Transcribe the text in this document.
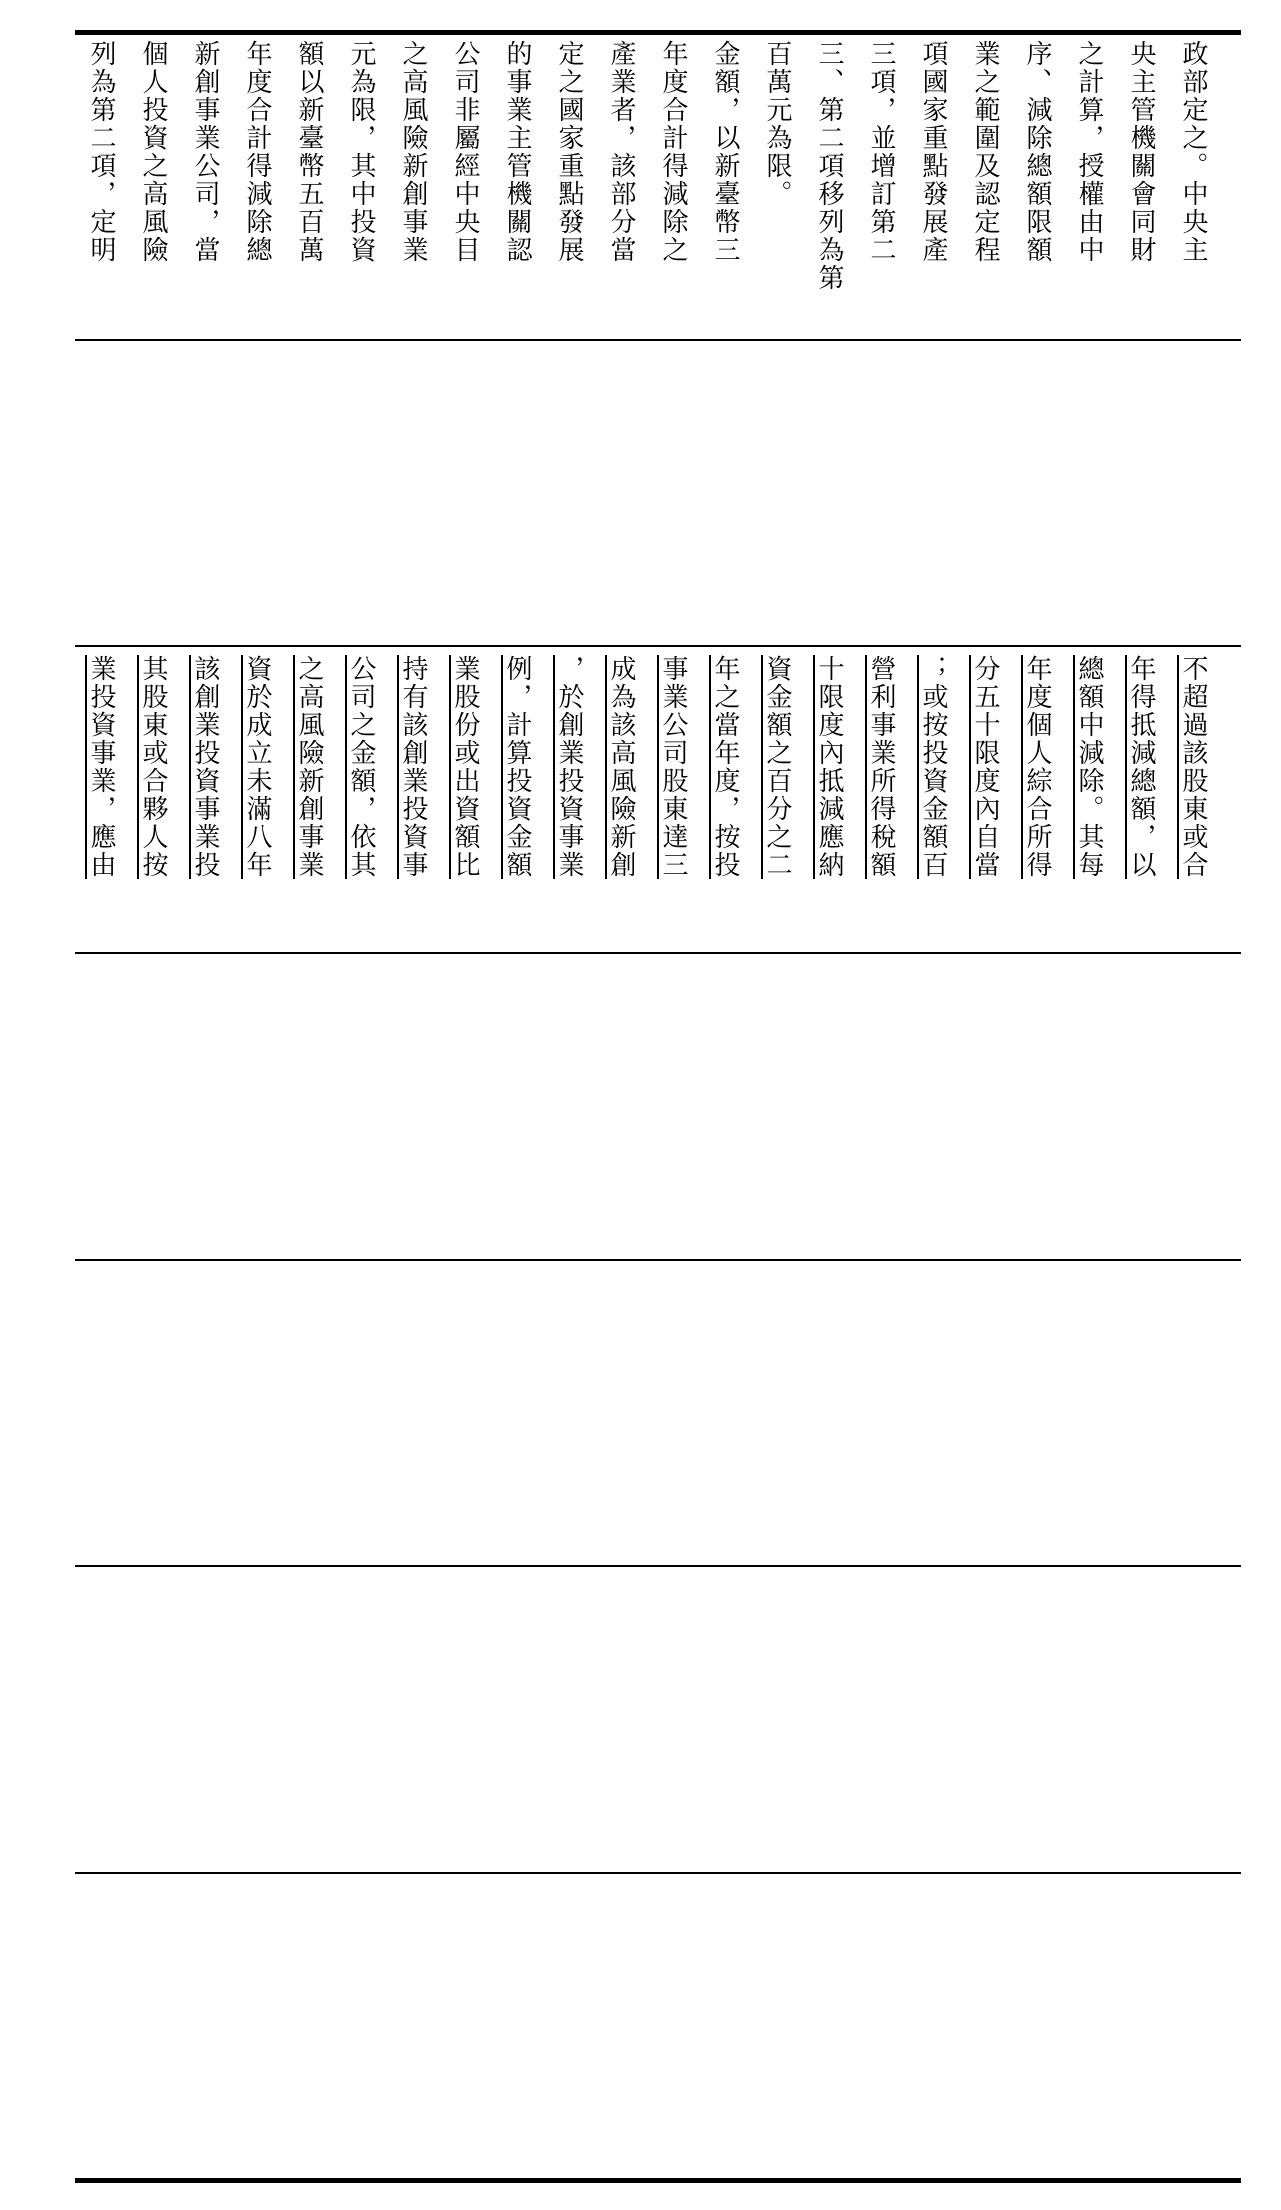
列為第二項，定明 個人投資之高風險 新創事業公司，當 年度合計得減除總 額以新臺幣五百萬 元為限，其中投資 之高風險新創事業 公司非屬經中央目 的事業主管機關認 定之國家重點發展 產業者，該部分當 年度合計得減除之 金額，以新臺幣三 百萬元為限。 三、第二項移列為第 三項，並增訂第二 項國家重點發展產 業之範圍及認定程 序、減除總額限額 之計算，授權由中 央主管機關會同財 政部定之。中央主
業投資事業，應由 其股東或合夥人按 該創業投資事業投 資於成立未滿八年 之高風險新創事業 公司之金額，依其 持有該創業投資事 業股份或出資額比 例，計算投資金額 ，於創業投資事業 成為該高風險新創 事業公司股東達三 年之當年度，按投 資金額之百分之二 十限度內抵減應納 營利事業所得稅額 ；或按投資金額百 分五十限度內自當 年度個人綜合所得 總額中減除。其每 年得抵減總額，以 不超過該股東或合
